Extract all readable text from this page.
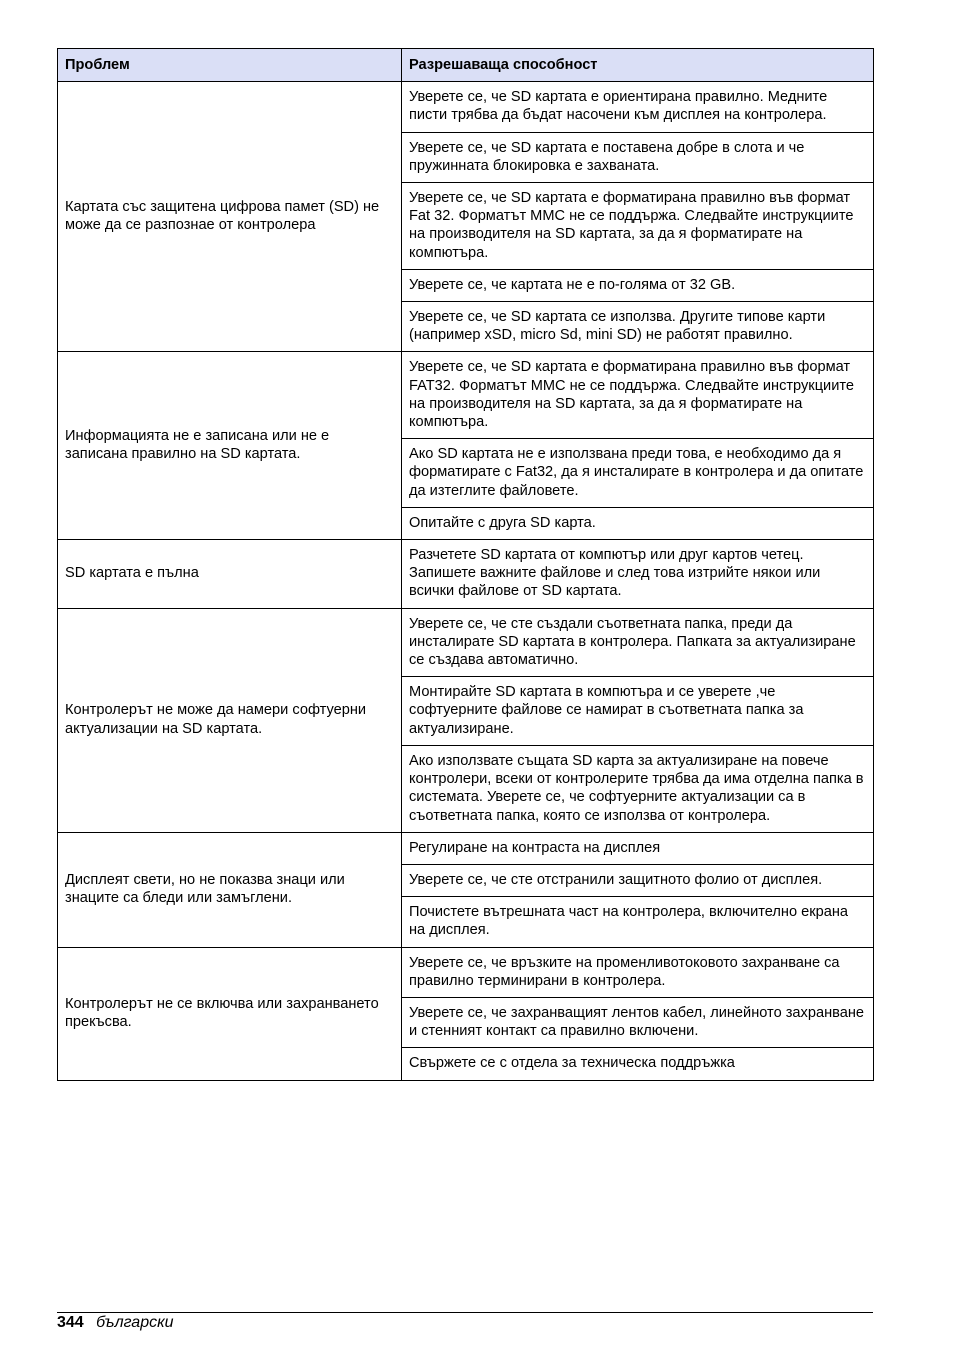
Проблем	Разрешаваща способност
Картата със защитена цифрова памет (SD) не може да се разпознае от контролера	Уверете се, че SD картата е ориентирана правилно. Медните писти трябва да бъдат насочени към дисплея на контролера.
	Уверете се, че SD картата е поставена добре в слота и че пружинната блокировка е захваната.
	Уверете се, че SD картата е форматирана правилно във формат Fat 32. Форматът MMC не се поддържа. Следвайте инструкциите на производителя на SD картата, за да я форматирате на компютъра.
	Уверете се, че картата не е по-голяма от 32 GB.
	Уверете се, че SD картата се използва. Другите типове карти (например xSD, micro Sd, mini SD) не работят правилно.
Информацията не е записана или не е записана правилно на SD картата.	Уверете се, че SD картата е форматирана правилно във формат FAT32. Форматът MMC не се поддържа. Следвайте инструкциите на производителя на SD картата, за да я форматирате на компютъра.
	Ако SD картата не е използвана преди това, е необходимо да я форматирате с Fat32, да я инсталирате в контролера и да опитате да изтеглите файловете.
	Опитайте с друга SD карта.
SD картата е пълна	Разчетете SD картата от компютър или друг картов четец. Запишете важните файлове и след това изтрийте някои или всички файлове от SD картата.
Контролерът не може да намери софтуерни актуализации на SD картата.	Уверете се, че сте създали съответната папка, преди да инсталирате SD картата в контролера. Папката за актуализиране се създава автоматично.
	Монтирайте SD картата в компютъра и се уверете ,че софтуерните файлове се намират в съответната папка за актуализиране.
	Ако използвате същата SD карта за актуализиране на повече контролери, всеки от контролерите трябва да има отделна папка в системата. Уверете се, че софтуерните актуализации са в съответната папка, която се използва от контролера.
Дисплеят свети, но не показва знаци или знаците са бледи или замъглени.	Регулиране на контраста на дисплея
	Уверете се, че сте отстранили защитното фолио от дисплея.
	Почистете вътрешната част на контролера, включително екрана на дисплея.
Контролерът не се включва или захранването прекъсва.	Уверете се, че връзките на променливотоковото захранване са правилно терминирани в контролера.
	Уверете се, че захранващият лентов кабел, линейното захранване и стенният контакт са правилно включени.
	Свържете се с отдела за техническа поддръжка
344 български
